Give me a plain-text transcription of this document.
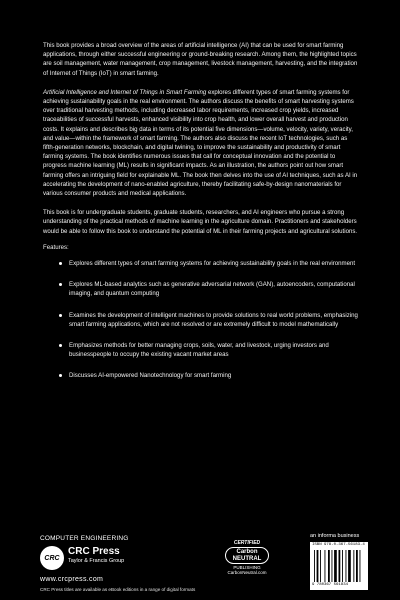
This book provides a broad overview of the areas of artificial intelligence (AI) that can be used for smart farming applications, through either successful engineering or ground-breaking research. Among them, the highlighted topics are soil management, water management, crop management, livestock management, harvesting, and the integration of Internet of Things (IoT) in smart farming.

Artificial Intelligence and Internet of Things in Smart Farming explores different types of smart farming systems for achieving sustainability goals in the real environment. The authors discuss the benefits of smart harvesting systems over traditional harvesting methods, including decreased labor requirements, increased crop yields, increased traceabilities of successful harvests, enhanced visibility into crop health, and lower overall harvest and production costs. It explains and describes big data in terms of its potential five dimensions—volume, velocity, variety, veracity, and value—within the framework of smart farming. The authors also discuss the recent IoT technologies, such as fifth-generation networks, blockchain, and digital twining, to improve the sustainability and productivity of smart farming systems. The book identifies numerous issues that call for conceptual innovation and the potential to progress machine learning (ML) results in significant impacts. As an illustration, the authors point out how smart farming offers an intriguing field for explainable ML. The book then delves into the use of AI techniques, such as AI in accelerating the development of nano-enabled agriculture, thereby facilitating safe-by-design nanomaterials for various consumer products and medical applications.

This book is for undergraduate students, graduate students, researchers, and AI engineers who pursue a strong understanding of the practical methods of machine learning in the agriculture domain. Practitioners and stakeholders would be able to follow this book to understand the potential of ML in their farming projects and agricultural solutions.

Features:

Explores different types of smart farming systems for achieving sustainability goals in the real environment
Explores ML-based analytics such as generative adversarial network (GAN), autoencoders, computational imaging, and quantum computing
Examines the development of intelligent machines to provide solutions to real world problems, emphasizing smart farming applications, which are not resolved or are extremely difficult to model mathematically
Emphasizes methods for better managing crops, soils, water, and livestock, urging investors and businesspeople to occupy the existing vacant market areas
Discusses AI-empowered Nanotechnology for smart farming
COMPUTER ENGINEERING
CRC
CRC Press
Taylor & Francis Group
www.crcpress.com
CRC Press titles are available as eBook editions in a range of digital formats
CERTIFIED
Carbon
NEUTRAL
PUBLISHING
CarbonNeutral.com
an informa business
ISBN 978-0-367-56183-4
9 780367 561834
